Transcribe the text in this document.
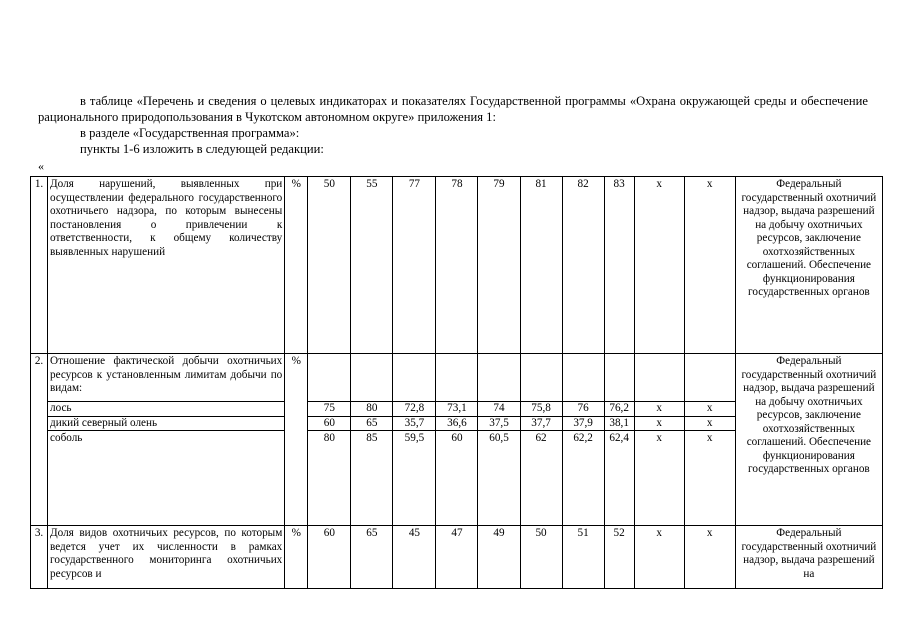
в таблице «Перечень и сведения о целевых индикаторах и показателях Государственной программы «Охрана окружающей среды и обеспечение рационального природопользования в Чукотском автономном округе» приложения 1:

в разделе «Государственная программа»:

пункты 1-6 изложить в следующей редакции:

«
1.	Доля нарушений, выявленных при осуществлении федерального государственного охотничьего надзора, по которым вынесены постановления о привлечении к ответственности, к общему количеству выявленных нарушений	%	50	55	77	78	79	81	82	83	х	х	Федеральный государственный охотничий надзор, выдача разрешений на добычу охотничьих ресурсов, заключение охотхозяйственных соглашений. Обеспечение функционирования государственных органов
2.	Отношение фактической добычи охотничьих ресурсов к установленным лимитам добычи по видам:	%											Федеральный государственный охотничий надзор, выдача разрешений на добычу охотничьих ресурсов, заключение охотхозяйственных соглашений. Обеспечение функционирования государственных органов
	лось		75	80	72,8	73,1	74	75,8	76	76,2	х	х	
	дикий северный олень		60	65	35,7	36,6	37,5	37,7	37,9	38,1	х	х	
	соболь		80	85	59,5	60	60,5	62	62,2	62,4	х	х	
3.	Доля видов охотничьих ресурсов, по которым ведется учет их численности в рамках государственного мониторинга охотничьих ресурсов и	%	60	65	45	47	49	50	51	52	х	х	Федеральный государственный охотничий надзор, выдача разрешений на
